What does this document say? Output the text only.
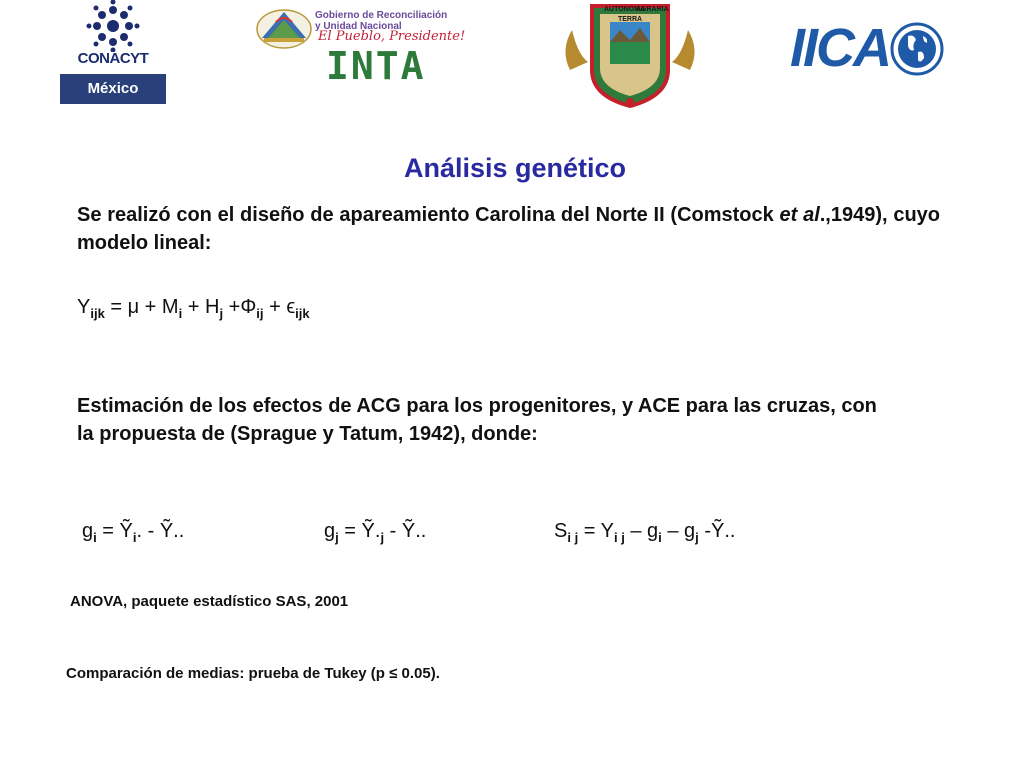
CONACYT
México
Gobierno de Reconciliación
y Unidad Nacional
El Pueblo, Presidente!
INTA
TERRA
AUTONOMA
AGRARIA
IICA
Análisis genético
Se realizó con el diseño de apareamiento Carolina del Norte II (Comstock et al.,1949), cuyo modelo lineal:
$Y_{ijk} = \mu + M_i + H_j +\Phi_{ij} + \epsilon_{ijk}$
Estimación de los efectos de ACG para los progenitores, y ACE para las cruzas, con la propuesta de (Sprague y Tatum, 1942), donde:
$g_i$ = Ỹ$_i$. - Ỹ..	$g_j$ = $Ỹ._j$ - Ỹ..	$S_{i j} = Y_{i j} - g_i - g_j$ -Ỹ..
ANOVA, paquete estadístico SAS, 2001
Comparación de medias: prueba de Tukey (p ≤ 0.05).
